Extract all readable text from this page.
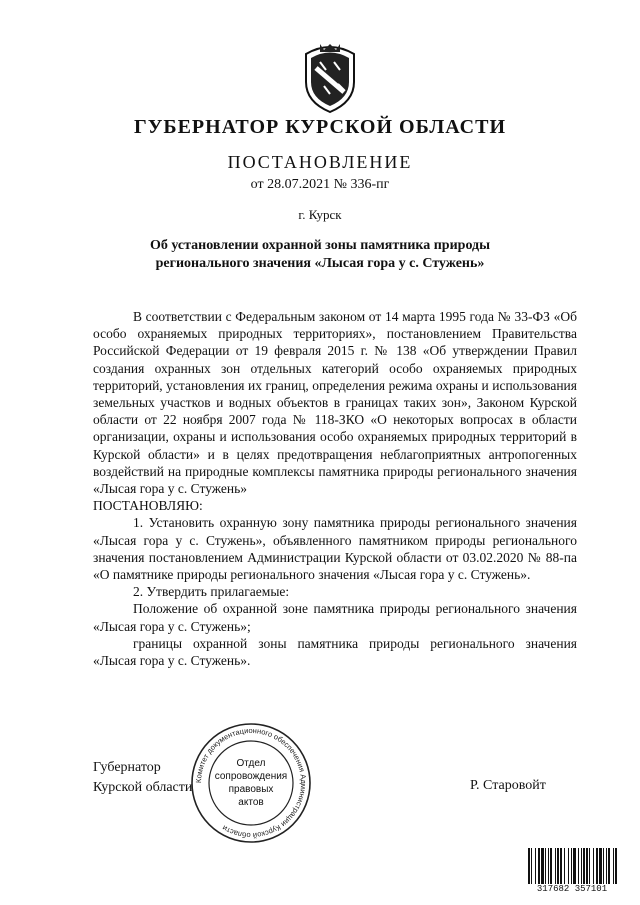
ГУБЕРНАТОР КУРСКОЙ ОБЛАСТИ
ПОСТАНОВЛЕНИЕ
от 28.07.2021 № 336-пг
г. Курск
Об установлении охранной зоны памятника природы
регионального значения «Лысая гора у с. Стужень»

В соответствии с Федеральным законом от 14 марта 1995 года № 33-ФЗ «Об особо охраняемых природных территориях», постановлением Правительства Российской Федерации от 19 февраля 2015 г. № 138 «Об утверждении Правил создания охранных зон отдельных категорий особо охраняемых природных территорий, установления их границ, определения режима охраны и использования земельных участков и водных объектов в границах таких зон», Законом Курской области от 22 ноября 2007 года № 118-ЗКО «О некоторых вопросах в области организации, охраны и использования особо охраняемых природных территорий в Курской области» и в целях предотвращения неблагоприятных антропогенных воздействий на природные комплексы памятника природы регионального значения «Лысая гора у с. Стужень»

ПОСТАНОВЛЯЮ:

1. Установить охранную зону памятника природы регионального значения «Лысая гора у с. Стужень», объявленного памятником природы регионального значения постановлением Администрации Курской области от 03.02.2020 № 88-па «О памятнике природы регионального значения «Лысая гора у с. Стужень».

2. Утвердить прилагаемые:

Положение об охранной зоне памятника природы регионального значения «Лысая гора у с. Стужень»;

границы охранной зоны памятника природы регионального значения «Лысая гора у с. Стужень».

Губернатор
Курской области	Р. Старовойт
Комитет документационного обеспечения Администрации Курской области
Отдел
сопровождения
правовых
актов
317682 357101
